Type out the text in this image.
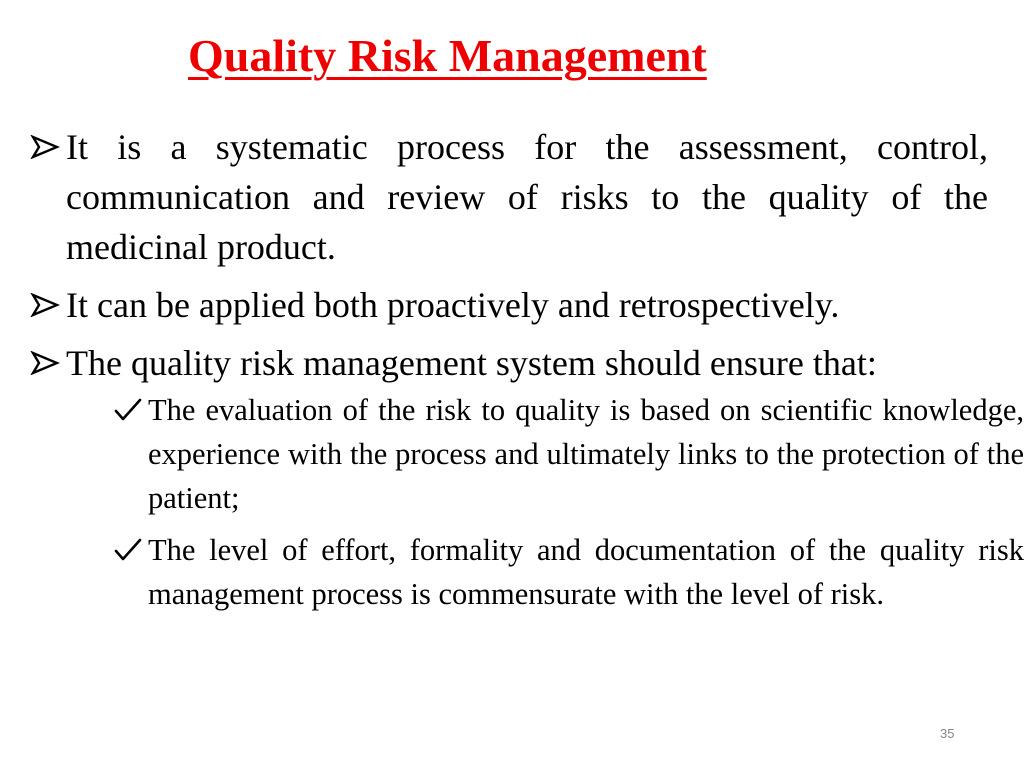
Quality Risk Management
It is a systematic process for the assessment, control, communication and review of risks to the quality of the medicinal product.
It can be applied both proactively and retrospectively.
The quality risk management system should ensure that:
The evaluation of the risk to quality is based on scientific knowledge, experience with the process and ultimately links to the protection of the patient;
The level of effort, formality and documentation of the quality risk management process is commensurate with the level of risk.
35
